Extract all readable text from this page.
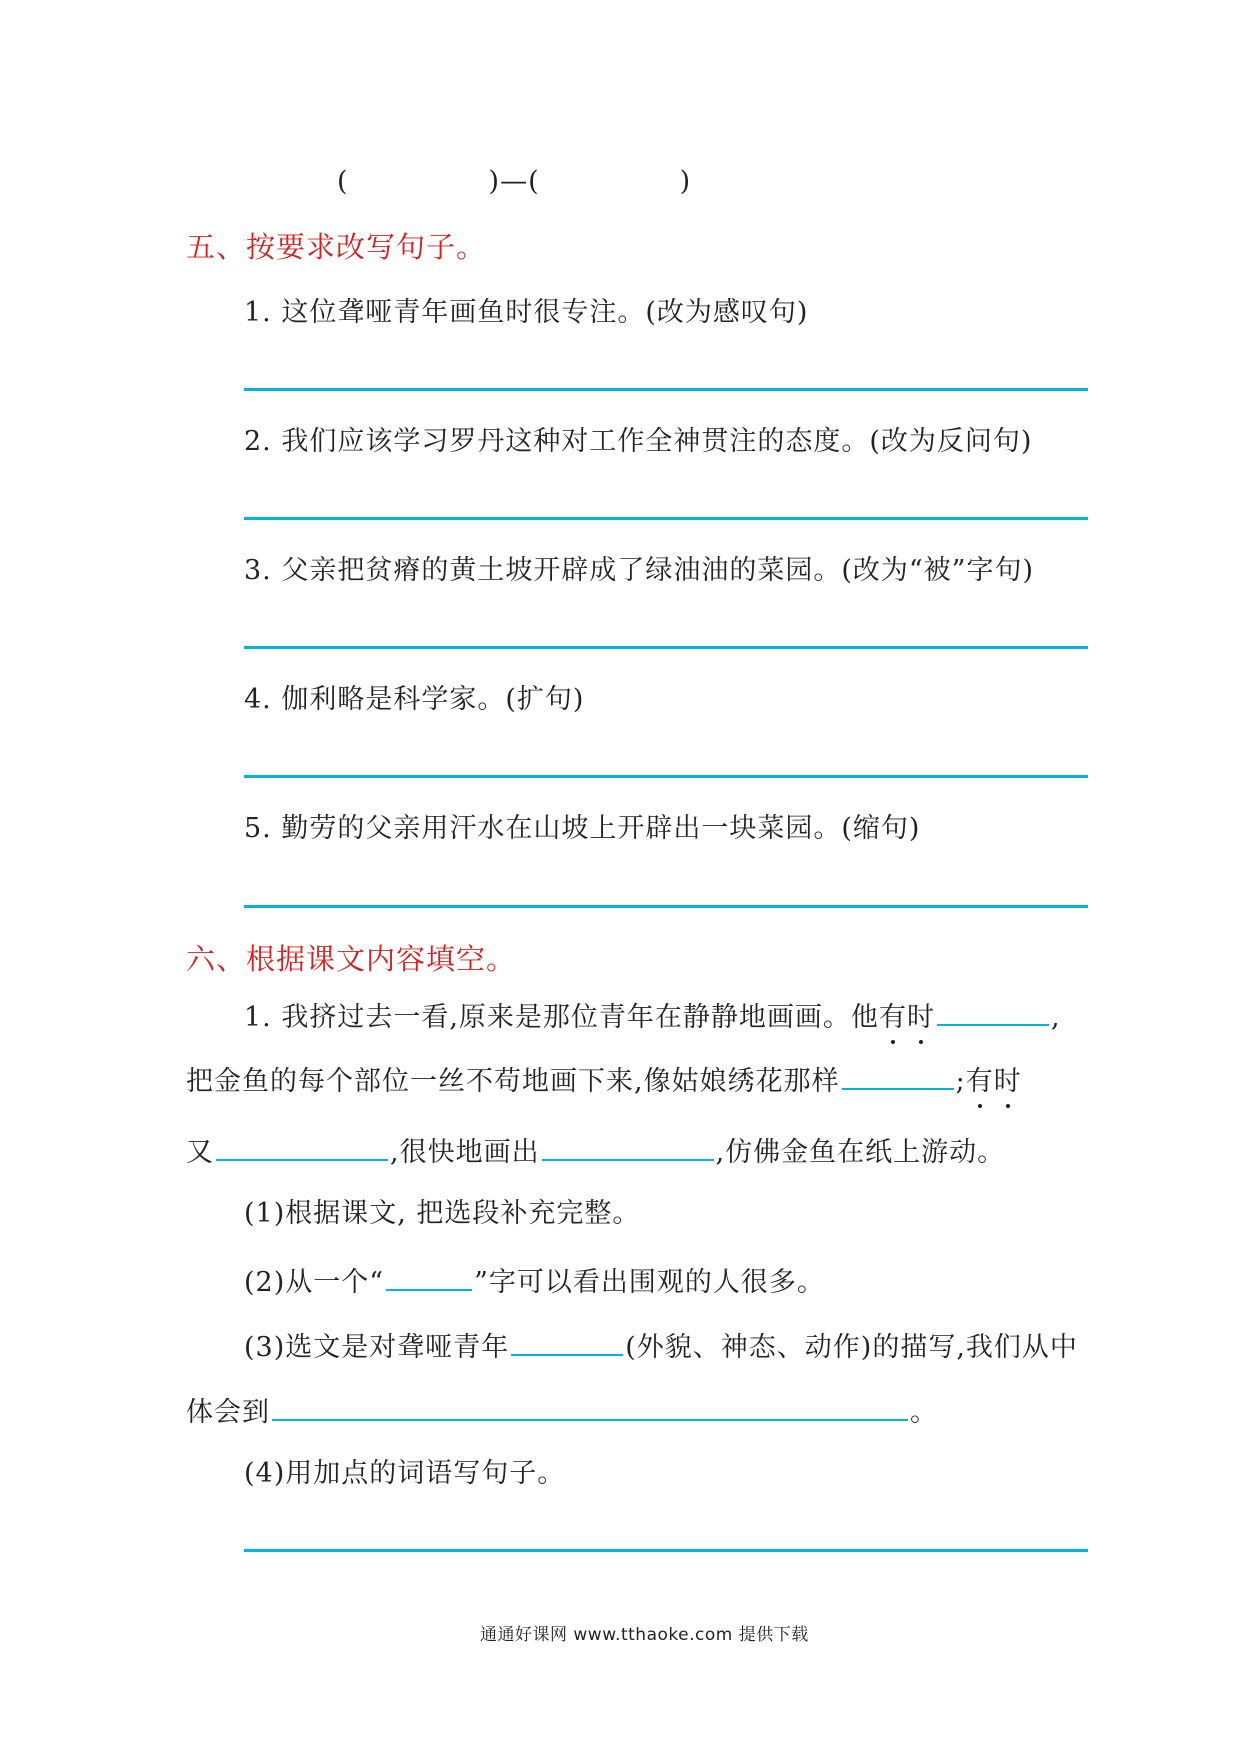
(	)—(	)
五、按要求改写句子。
1. 这位聋哑青年画鱼时很专注。(改为感叹句)
2. 我们应该学习罗丹这种对工作全神贯注的态度。(改为反问句)
3. 父亲把贫瘠的黄土坡开辟成了绿油油的菜园。(改为“被”字句)
4. 伽利略是科学家。(扩句)
5. 勤劳的父亲用汗水在山坡上开辟出一块菜园。(缩句)
六、根据课文内容填空。
1. 我挤过去一看,原来是那位青年在静静地画画。他有时	,
把金鱼的每个部位一丝不苟地画下来,像姑娘绣花那样	;有时
又	,很快地画出	,仿佛金鱼在纸上游动。
(1)根据课文, 把选段补充完整。
(2)从一个“	”字可以看出围观的人很多。
(3)选文是对聋哑青年	(外貌、神态、动作)的描写,我们从中
体会到	。
(4)用加点的词语写句子。
通通好课网 www.tthaoke.com 提供下载
